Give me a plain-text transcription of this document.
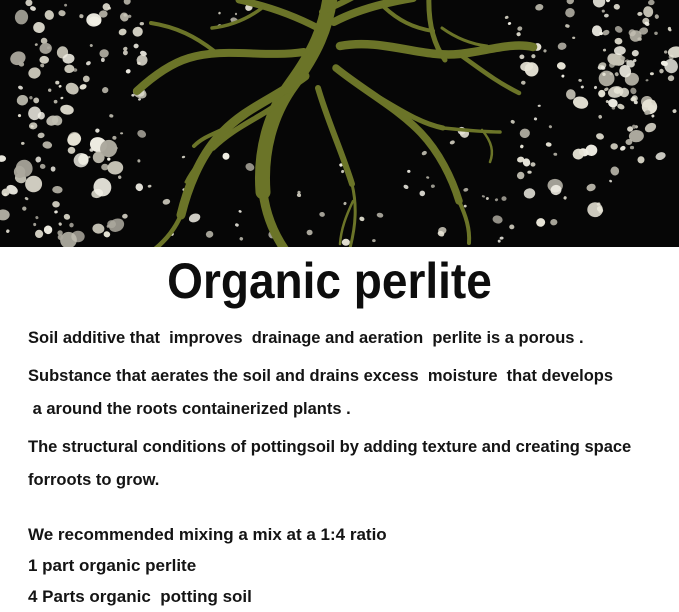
Organic perlite

Soil additive that  improves  drainage and aeration  perlite is a porous .

Substance that aerates the soil and drains excess  moisture  that develops
a around the roots containerized plants .

The structural conditions of pottingsoil by adding texture and creating space
forroots to grow.

We recommended mixing a mix at a 1:4 ratio
1 part organic perlite
4 Parts organic  potting soil
